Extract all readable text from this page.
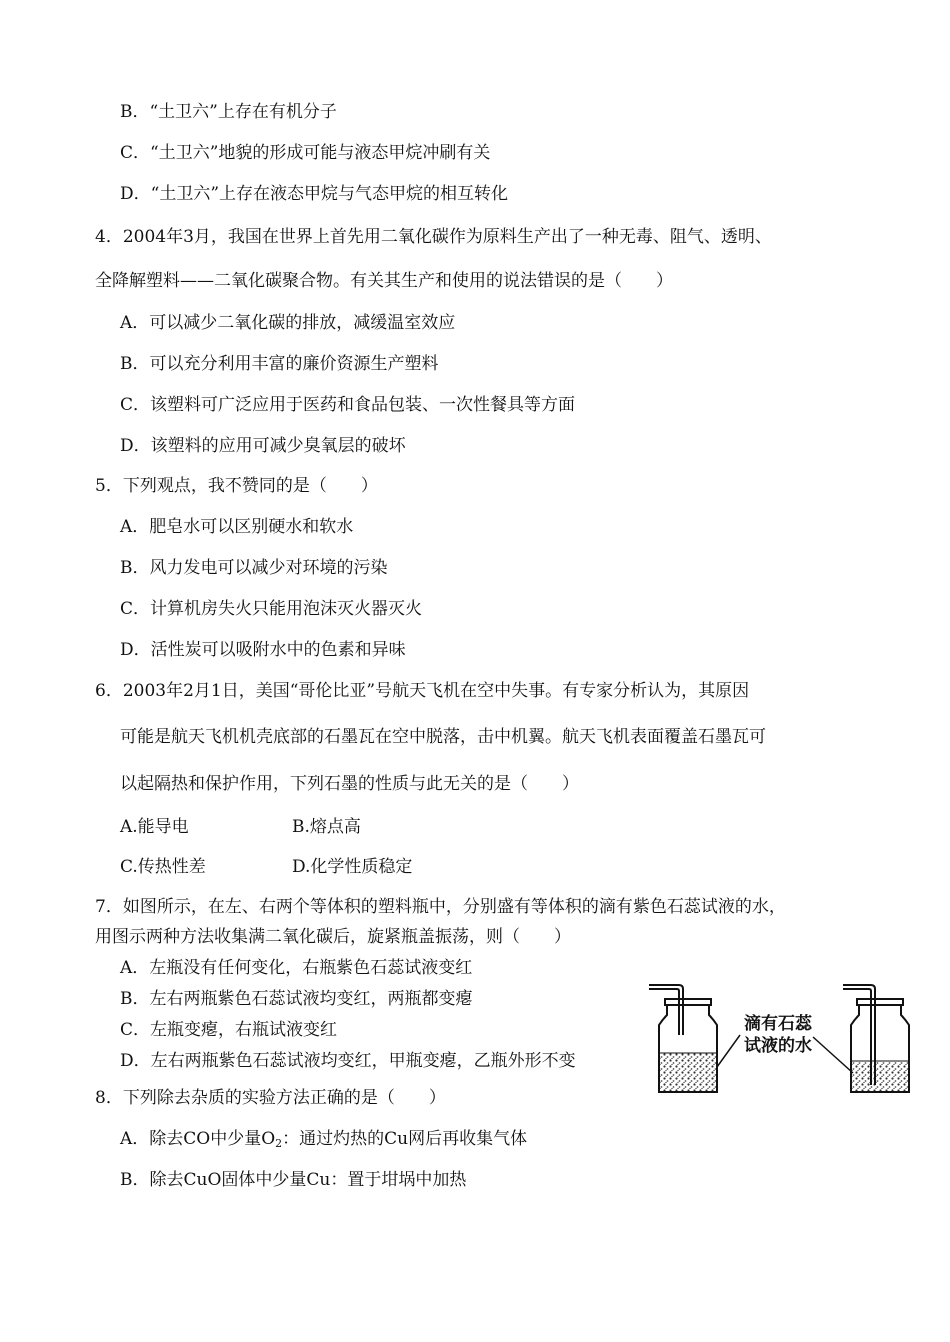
B．“土卫六”上存在有机分子
C．“土卫六”地貌的形成可能与液态甲烷冲刷有关
D．“土卫六”上存在液态甲烷与气态甲烷的相互转化
4．2004年3月，我国在世界上首先用二氧化碳作为原料生产出了一种无毒、阻气、透明、
全降解塑料——二氧化碳聚合物。有关其生产和使用的说法错误的是（　　）
A．可以减少二氧化碳的排放，减缓温室效应
B．可以充分利用丰富的廉价资源生产塑料
C．该塑料可广泛应用于医药和食品包装、一次性餐具等方面
D．该塑料的应用可减少臭氧层的破坏
5．下列观点，我不赞同的是（　　）
A．肥皂水可以区别硬水和软水
B．风力发电可以减少对环境的污染
C．计算机房失火只能用泡沫灭火器灭火
D．活性炭可以吸附水中的色素和异味
6．2003年2月1日，美国“哥伦比亚”号航天飞机在空中失事。有专家分析认为，其原因
可能是航天飞机机壳底部的石墨瓦在空中脱落，击中机翼。航天飞机表面覆盖石墨瓦可
以起隔热和保护作用，下列石墨的性质与此无关的是（　　）
A.能导电	B.熔点高
C.传热性差	D.化学性质稳定
7．如图所示，在左、右两个等体积的塑料瓶中，分别盛有等体积的滴有紫色石蕊试液的水，
用图示两种方法收集满二氧化碳后，旋紧瓶盖振荡，则（　　）
A．左瓶没有任何变化，右瓶紫色石蕊试液变红
B．左右两瓶紫色石蕊试液均变红，两瓶都变瘪
C．左瓶变瘪，右瓶试液变红
D．左右两瓶紫色石蕊试液均变红，甲瓶变瘪，乙瓶外形不变
滴有石蕊
试液的水
8．下列除去杂质的实验方法正确的是（　　）
A．除去CO中少量$O_2$：通过灼热的Cu网后再收集气体
B．除去CuO固体中少量Cu：置于坩埚中加热
